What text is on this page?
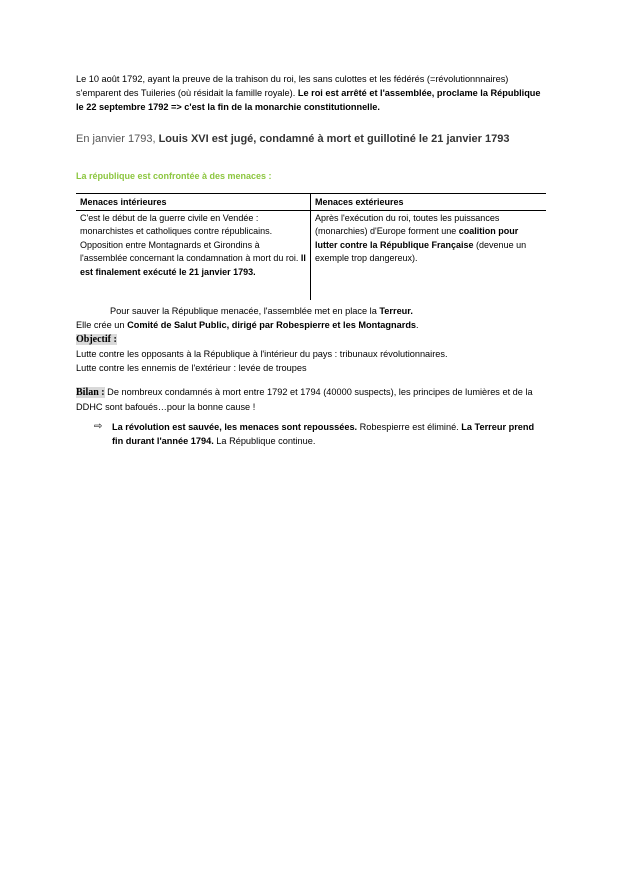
Le 10 août 1792, ayant la preuve de la trahison du roi, les sans culottes et les fédérés (=révolutionnnaires) s'emparent des Tuileries (où résidait la famille royale). Le roi est arrêté et l'assemblée, proclame la République le 22 septembre 1792 => c'est la fin de la monarchie constitutionnelle.
En janvier 1793, Louis XVI est jugé, condamné à mort et guillotiné le 21 janvier 1793
La république est confrontée à des menaces :
Menaces intérieures	Menaces extérieures
C'est le début de la guerre civile en Vendée : monarchistes et catholiques contre républicains. Opposition entre Montagnards et Girondins à l'assemblée concernant la condamnation à mort du roi. Il est finalement exécuté le 21 janvier 1793.	Après l'exécution du roi, toutes les puissances (monarchies) d'Europe forment une coalition pour lutter contre la République Française (devenue un exemple trop dangereux).
Pour sauver la République menacée, l'assemblée met en place la Terreur.
Elle crée un Comité de Salut Public, dirigé par Robespierre et les Montagnards.
Objectif :
Lutte contre les opposants à la République à l'intérieur du pays : tribunaux révolutionnaires.
Lutte contre les ennemis de l'extérieur : levée de troupes
Bilan : De nombreux condamnés à mort entre 1792 et 1794 (40000 suspects), les principes de lumières et de la DDHC sont bafoués…pour la bonne cause !
⇨	La révolution est sauvée, les menaces sont repoussées. Robespierre est éliminé. La Terreur prend fin durant l'année 1794. La République continue.
